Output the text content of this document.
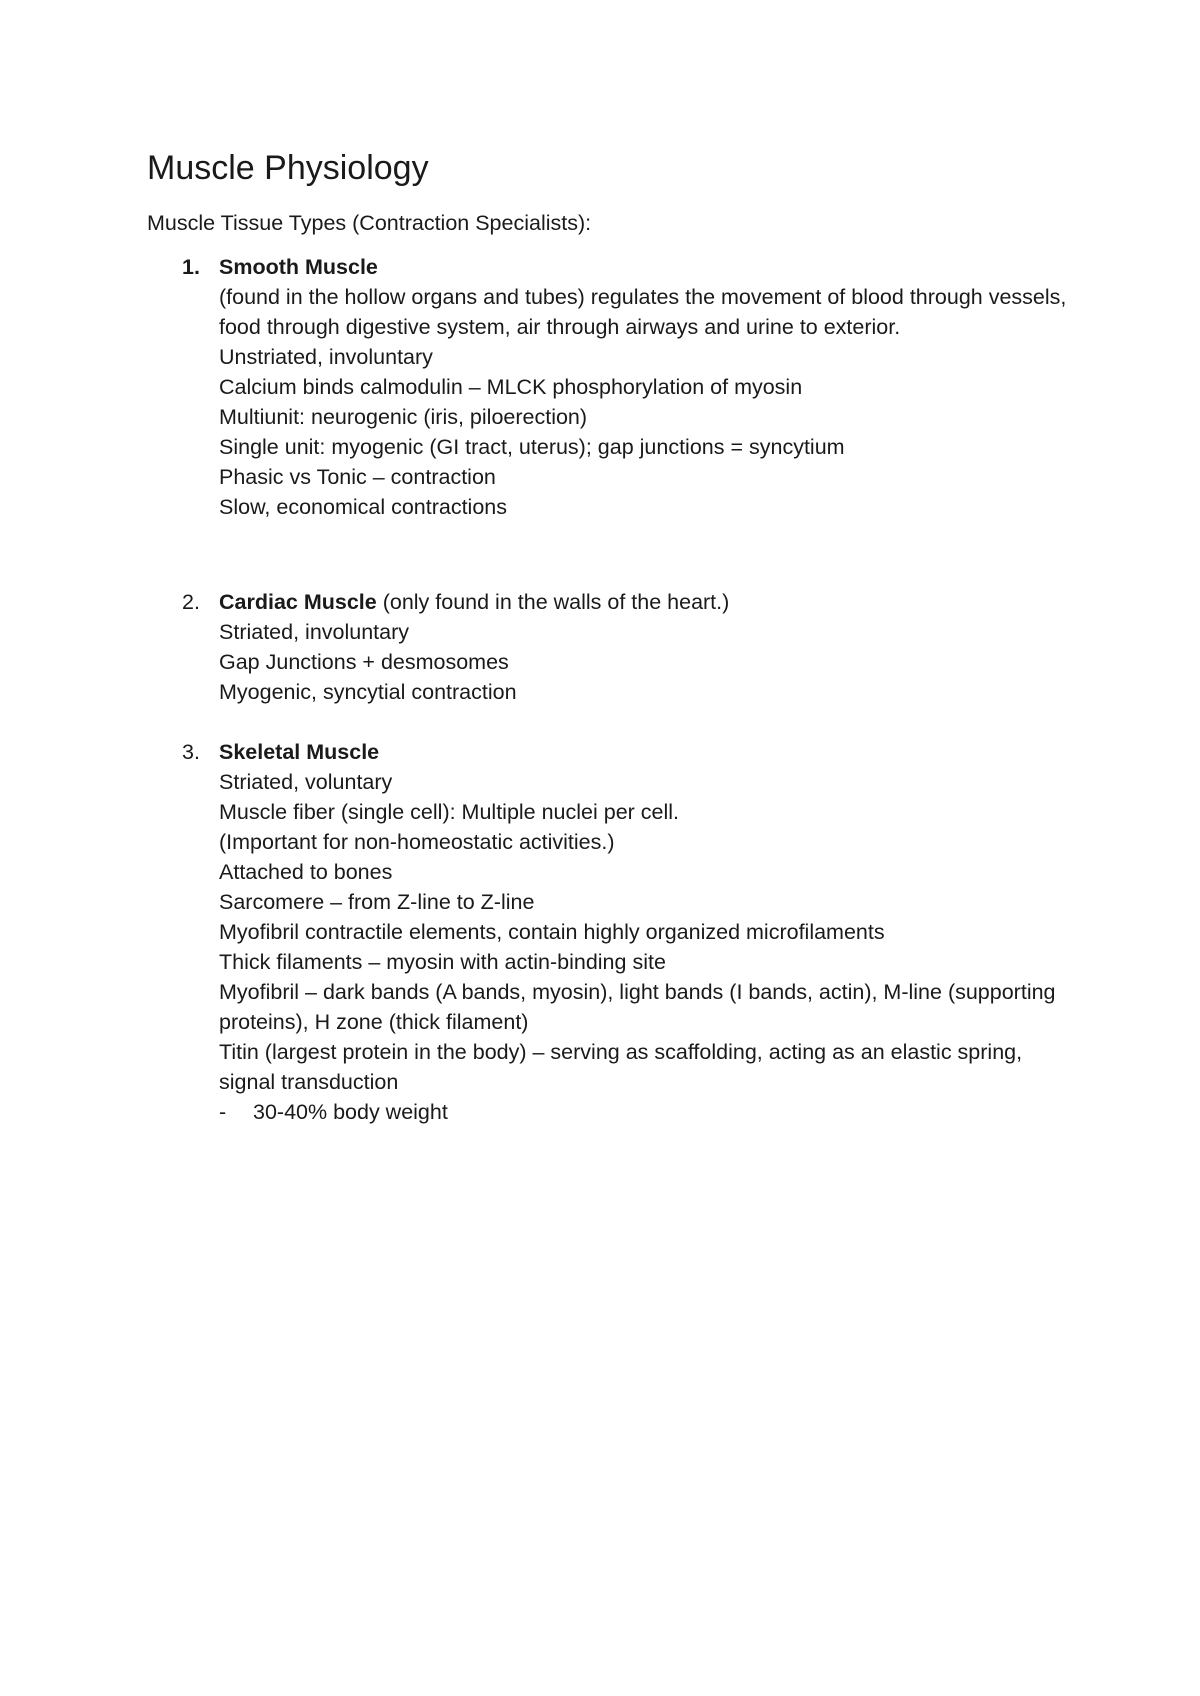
Muscle Physiology

Muscle Tissue Types (Contraction Specialists):

1. Smooth Muscle
(found in the hollow organs and tubes) regulates the movement of blood through vessels, food through digestive system, air through airways and urine to exterior.
Unstriated, involuntary
Calcium binds calmodulin – MLCK phosphorylation of myosin
Multiunit: neurogenic (iris, piloerection)
Single unit: myogenic (GI tract, uterus); gap junctions = syncytium
Phasic vs Tonic – contraction
Slow, economical contractions
2. Cardiac Muscle (only found in the walls of the heart.)
Striated, involuntary
Gap Junctions + desmosomes
Myogenic, syncytial contraction
3. Skeletal Muscle
Striated, voluntary
Muscle fiber (single cell): Multiple nuclei per cell.
(Important for non-homeostatic activities.)
Attached to bones
Sarcomere – from Z-line to Z-line
Myofibril contractile elements, contain highly organized microfilaments
Thick filaments – myosin with actin-binding site
Myofibril – dark bands (A bands, myosin), light bands (I bands, actin), M-line (supporting proteins), H zone (thick filament)
Titin (largest protein in the body) – serving as scaffolding, acting as an elastic spring, signal transduction
- 30-40% body weight
